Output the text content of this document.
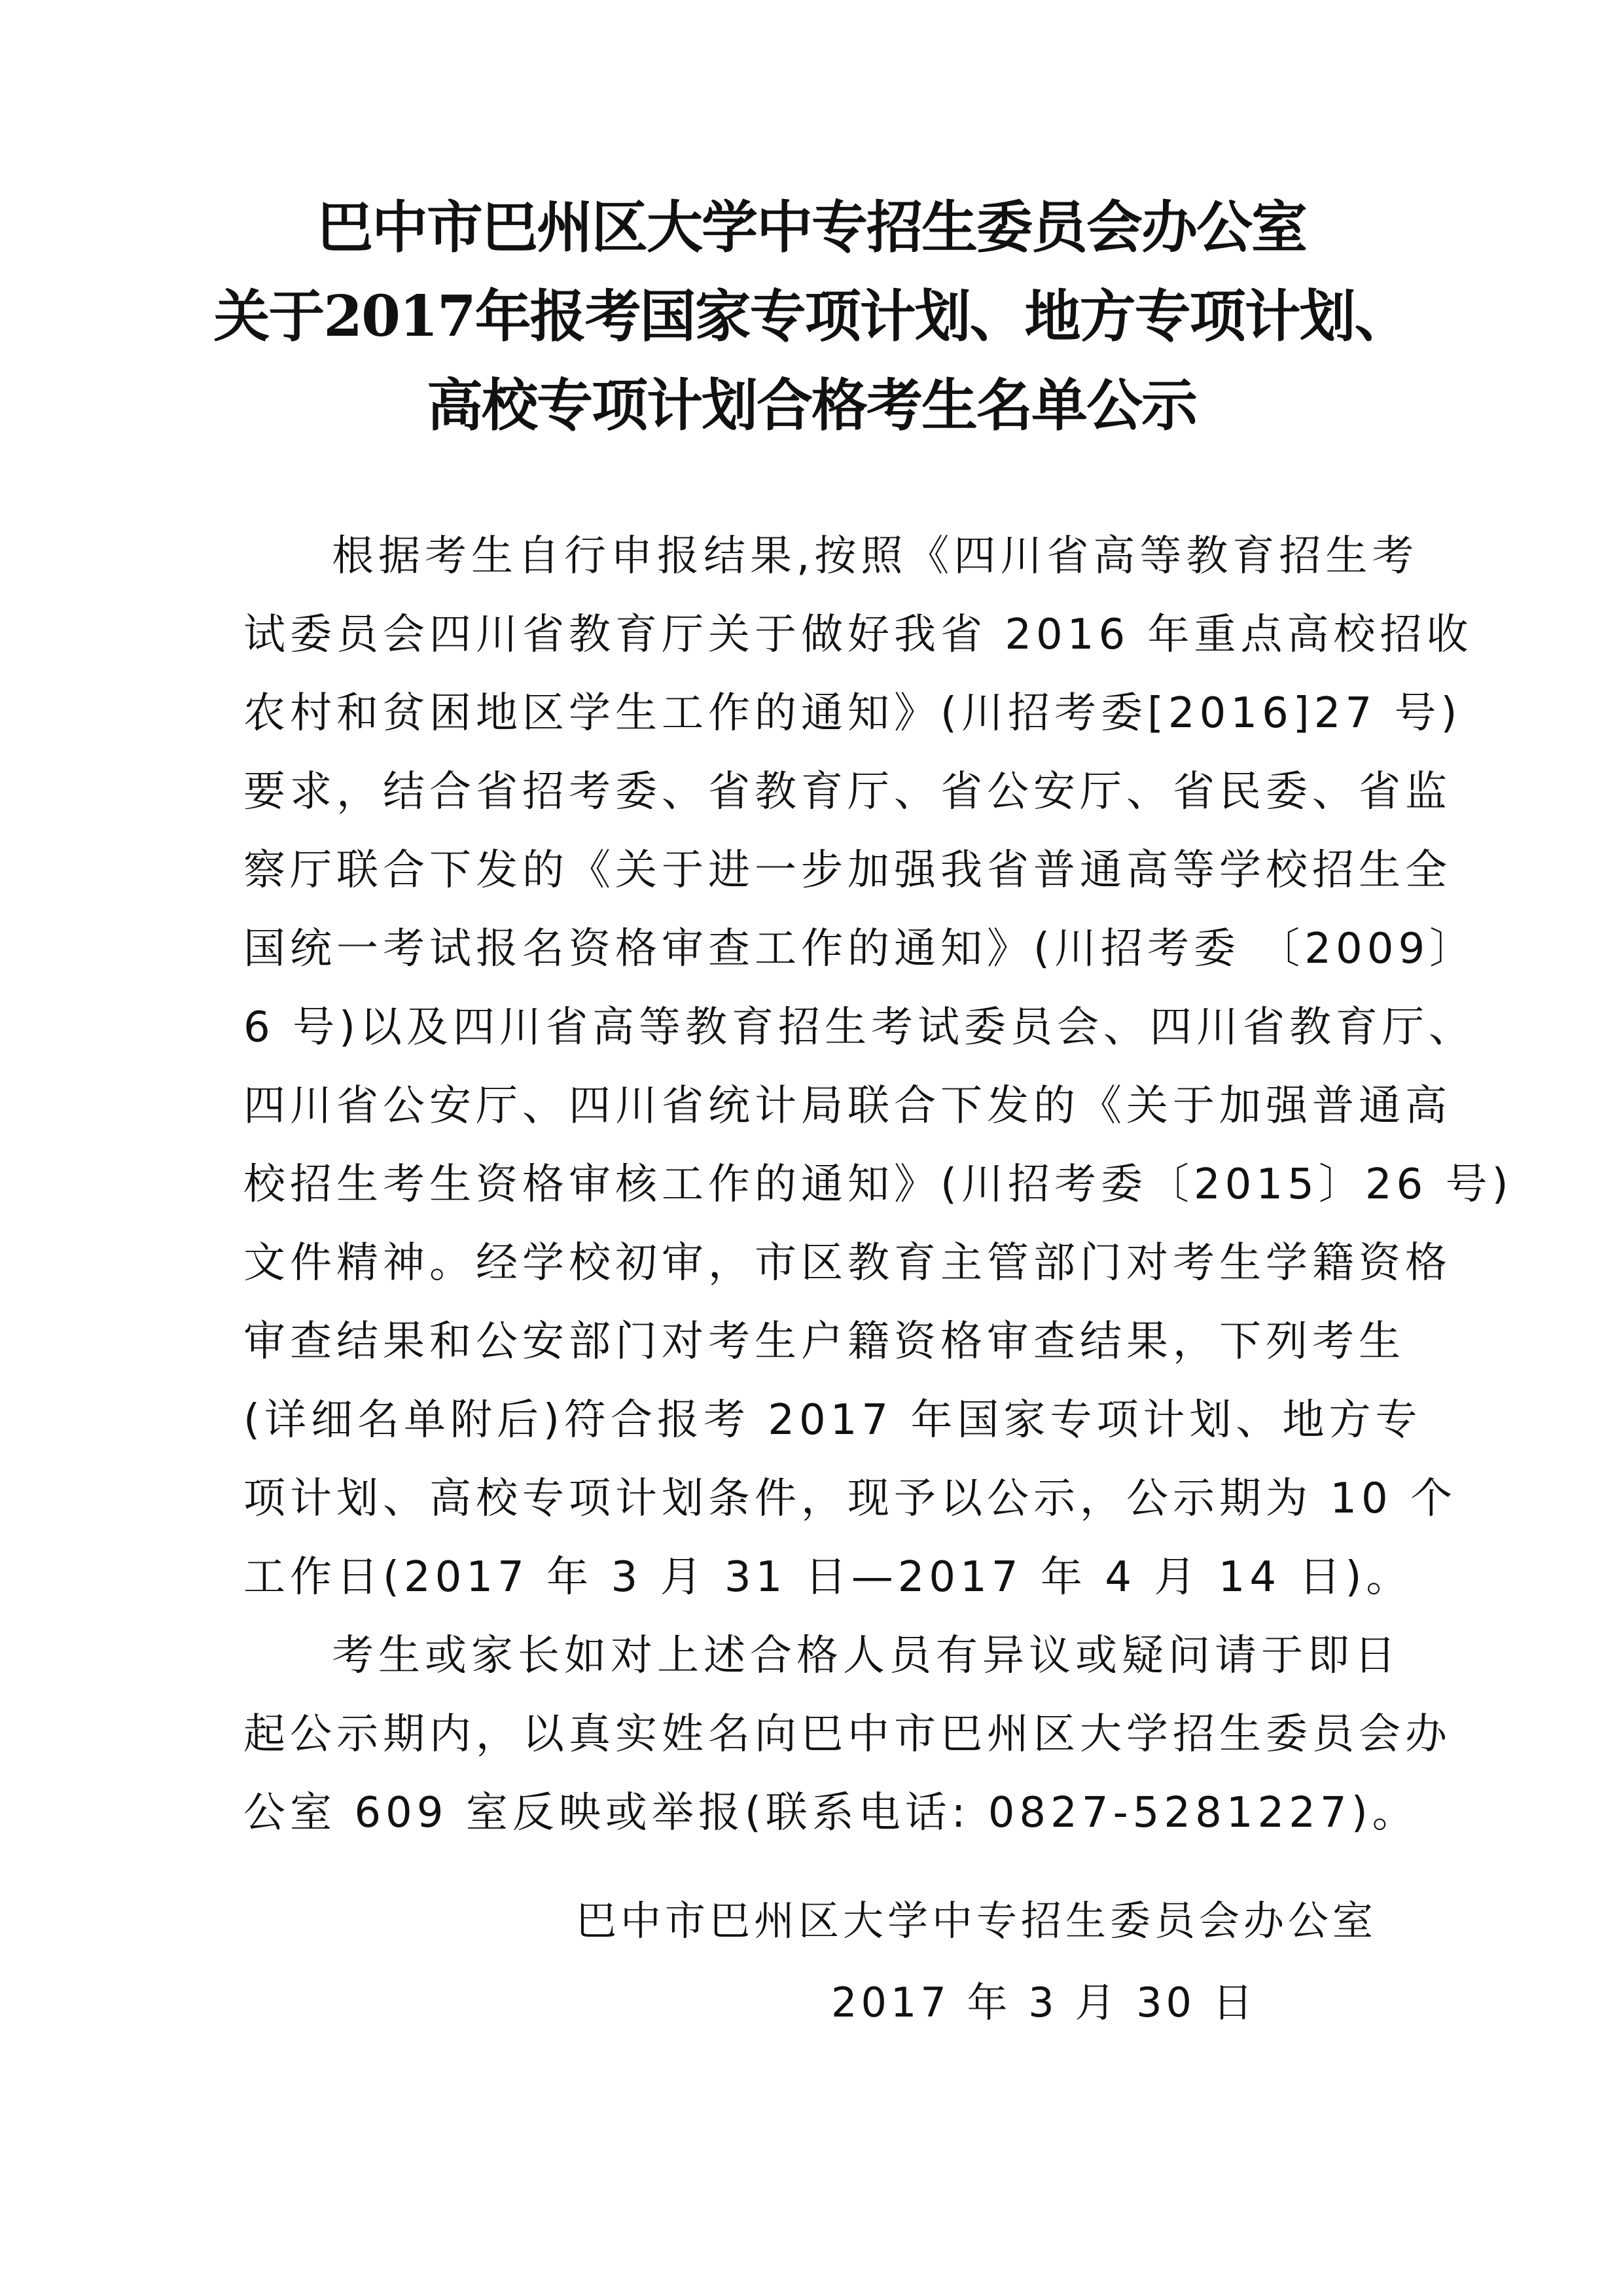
巴中市巴州区大学中专招生委员会办公室
关于2017年报考国家专项计划、地方专项计划、
高校专项计划合格考生名单公示
根据考生自行申报结果,按照《四川省高等教育招生考
试委员会四川省教育厅关于做好我省 2016 年重点高校招收
农村和贫困地区学生工作的通知》(川招考委[2016]27 号)
要求，结合省招考委、省教育厅、省公安厅、省民委、省监
察厅联合下发的《关于进一步加强我省普通高等学校招生全
国统一考试报名资格审查工作的通知》(川招考委 〔2009〕
6 号)以及四川省高等教育招生考试委员会、四川省教育厅、
四川省公安厅、四川省统计局联合下发的《关于加强普通高
校招生考生资格审核工作的通知》(川招考委〔2015〕26 号)
文件精神。经学校初审，市区教育主管部门对考生学籍资格
审查结果和公安部门对考生户籍资格审查结果，下列考生
(详细名单附后)符合报考 2017 年国家专项计划、地方专
项计划、高校专项计划条件，现予以公示，公示期为 10 个
工作日(2017 年 3 月 31 日—2017 年 4 月 14 日)。
考生或家长如对上述合格人员有异议或疑问请于即日
起公示期内，以真实姓名向巴中市巴州区大学招生委员会办
公室 609 室反映或举报(联系电话: 0827-5281227)。
巴中市巴州区大学中专招生委员会办公室
2017 年 3 月 30 日
